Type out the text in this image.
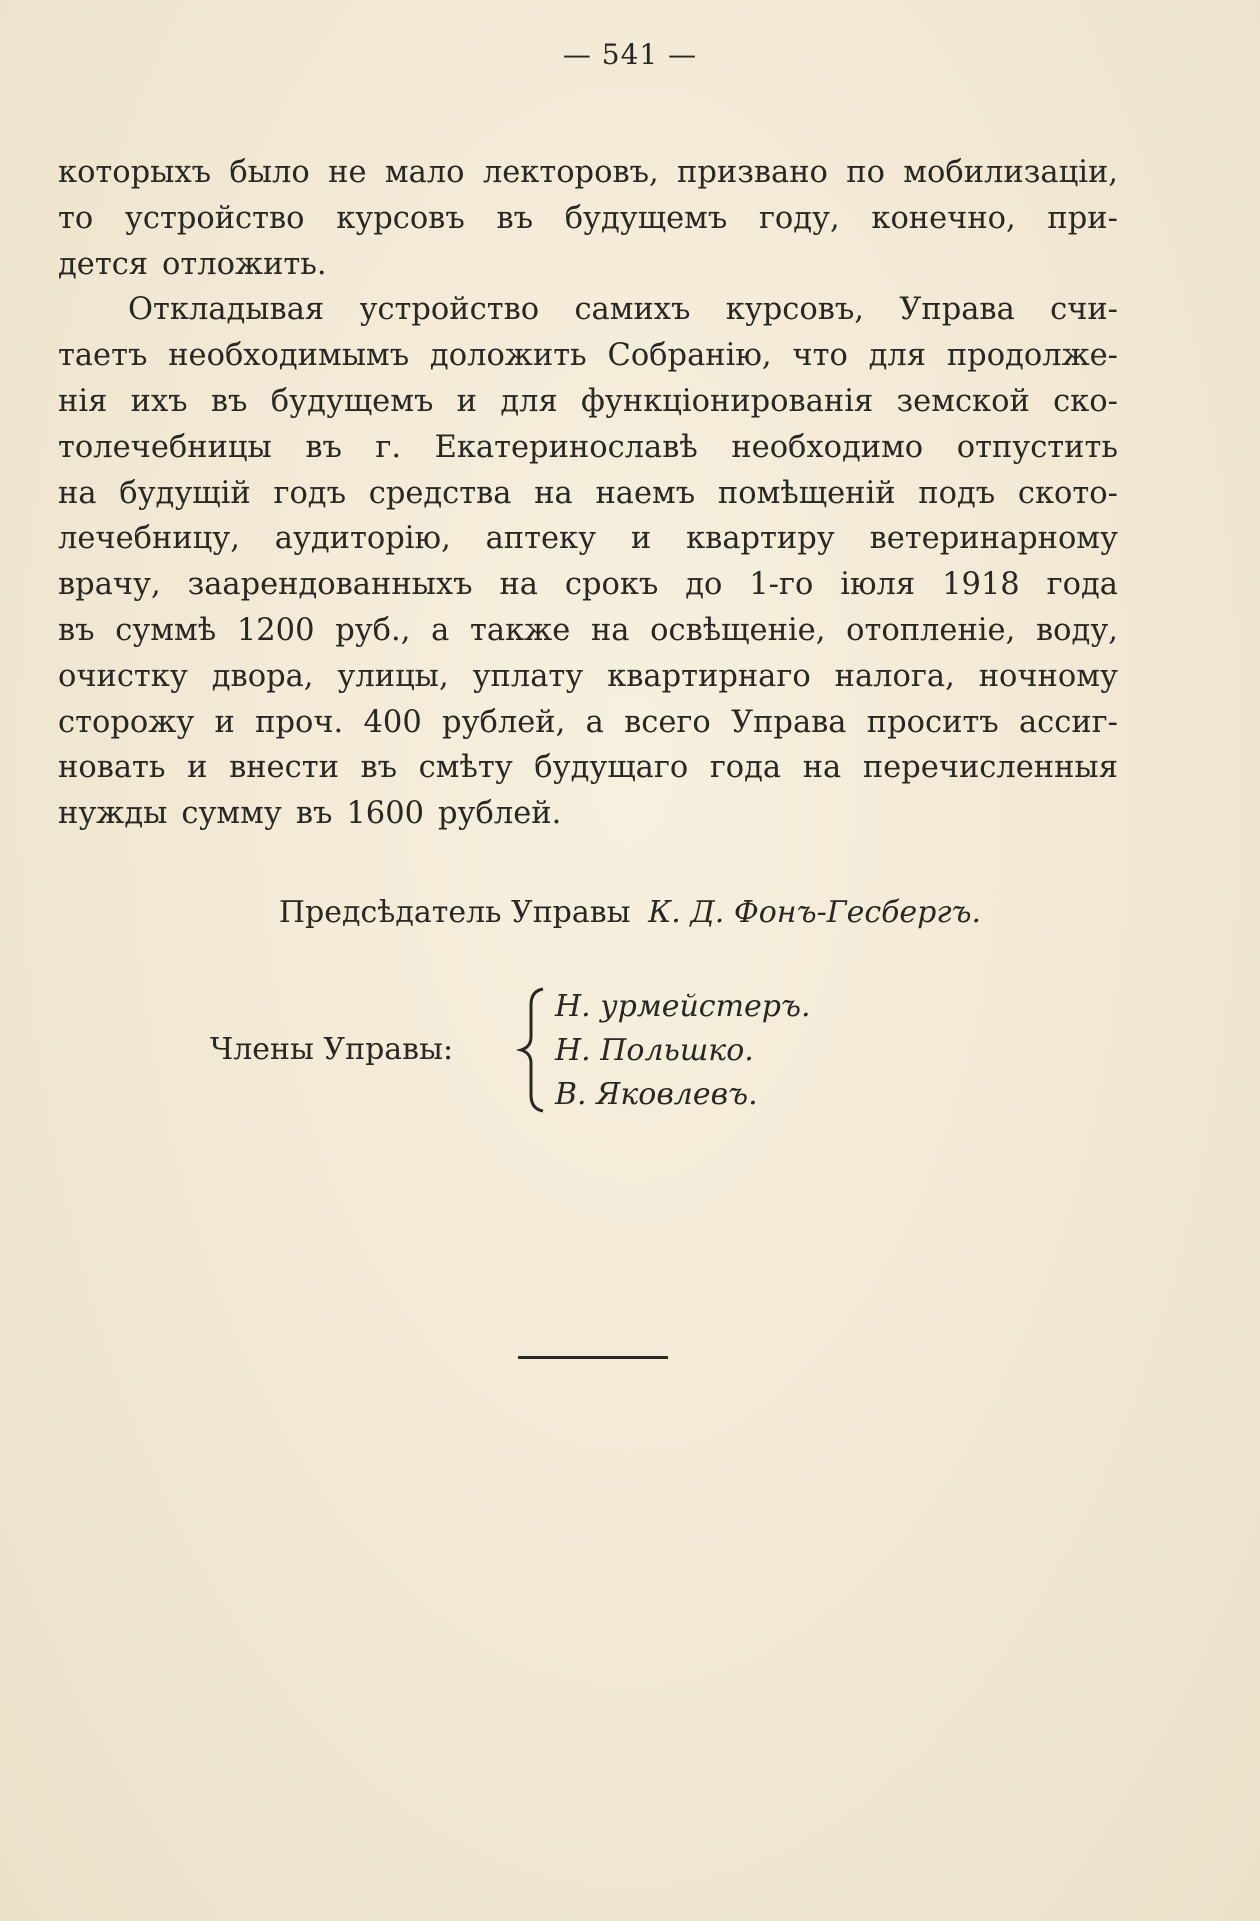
— 541 —
которыхъ было не мало лекторовъ, призвано по мобилизаціи,
то устройство курсовъ въ будущемъ году, конечно, при-
дется отложить.
Откладывая устройство самихъ курсовъ, Управа счи-
таетъ необходимымъ доложить Собранію, что для продолже-
нія ихъ въ будущемъ и для функціонированія земской ско-
толечебницы въ г. Екатеринославѣ необходимо отпустить
на будущій годъ средства на наемъ помѣщеній подъ ското-
лечебницу, аудиторію, аптеку и квартиру ветеринарному
врачу, заарендованныхъ на срокъ до 1-го іюля 1918 года
въ суммѣ 1200 руб., а также на освѣщеніе, отопленіе, воду,
очистку двора, улицы, уплату квартирнаго налога, ночному
сторожу и проч. 400 рублей, а всего Управа проситъ ассиг-
новать и внести въ смѣту будущаго года на перечисленныя
нужды сумму въ 1600 рублей.
Предсѣдатель Управы К. Д. Фонъ-Гесбергъ.
Члены Управы:
Н. урмейстеръ.
Н. Польшко.
В. Яковлевъ.
